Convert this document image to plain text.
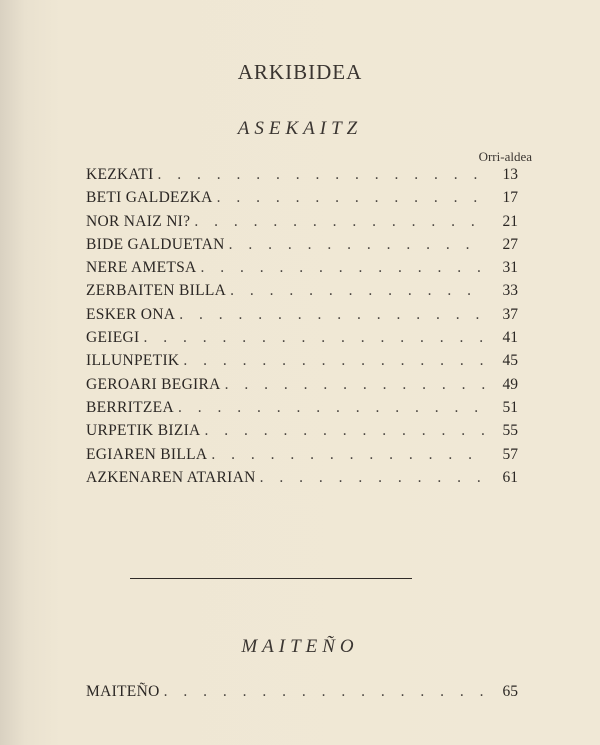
ARKIBIDEA
ASEKAITZ
Orri-aldea
KEZKATI . . .	13
BETI GALDEZKA . . .	17
NOR NAIZ NI? . . .	21
BIDE GALDUETAN . . .	27
NERE AMETSA . . .	31
ZERBAITEN BILLA . . .	33
ESKER ONA . . .	37
GEIEGI . . .	41
ILLUNPETIK . . .	45
GEROARI BEGIRA . . .	49
BERRITZEA . . .	51
URPETIK BIZIA . . .	55
EGIAREN BILLA . . .	57
AZKENAREN ATARIAN . . .	61
MAITEÑO
MAITEÑO . . .	65
